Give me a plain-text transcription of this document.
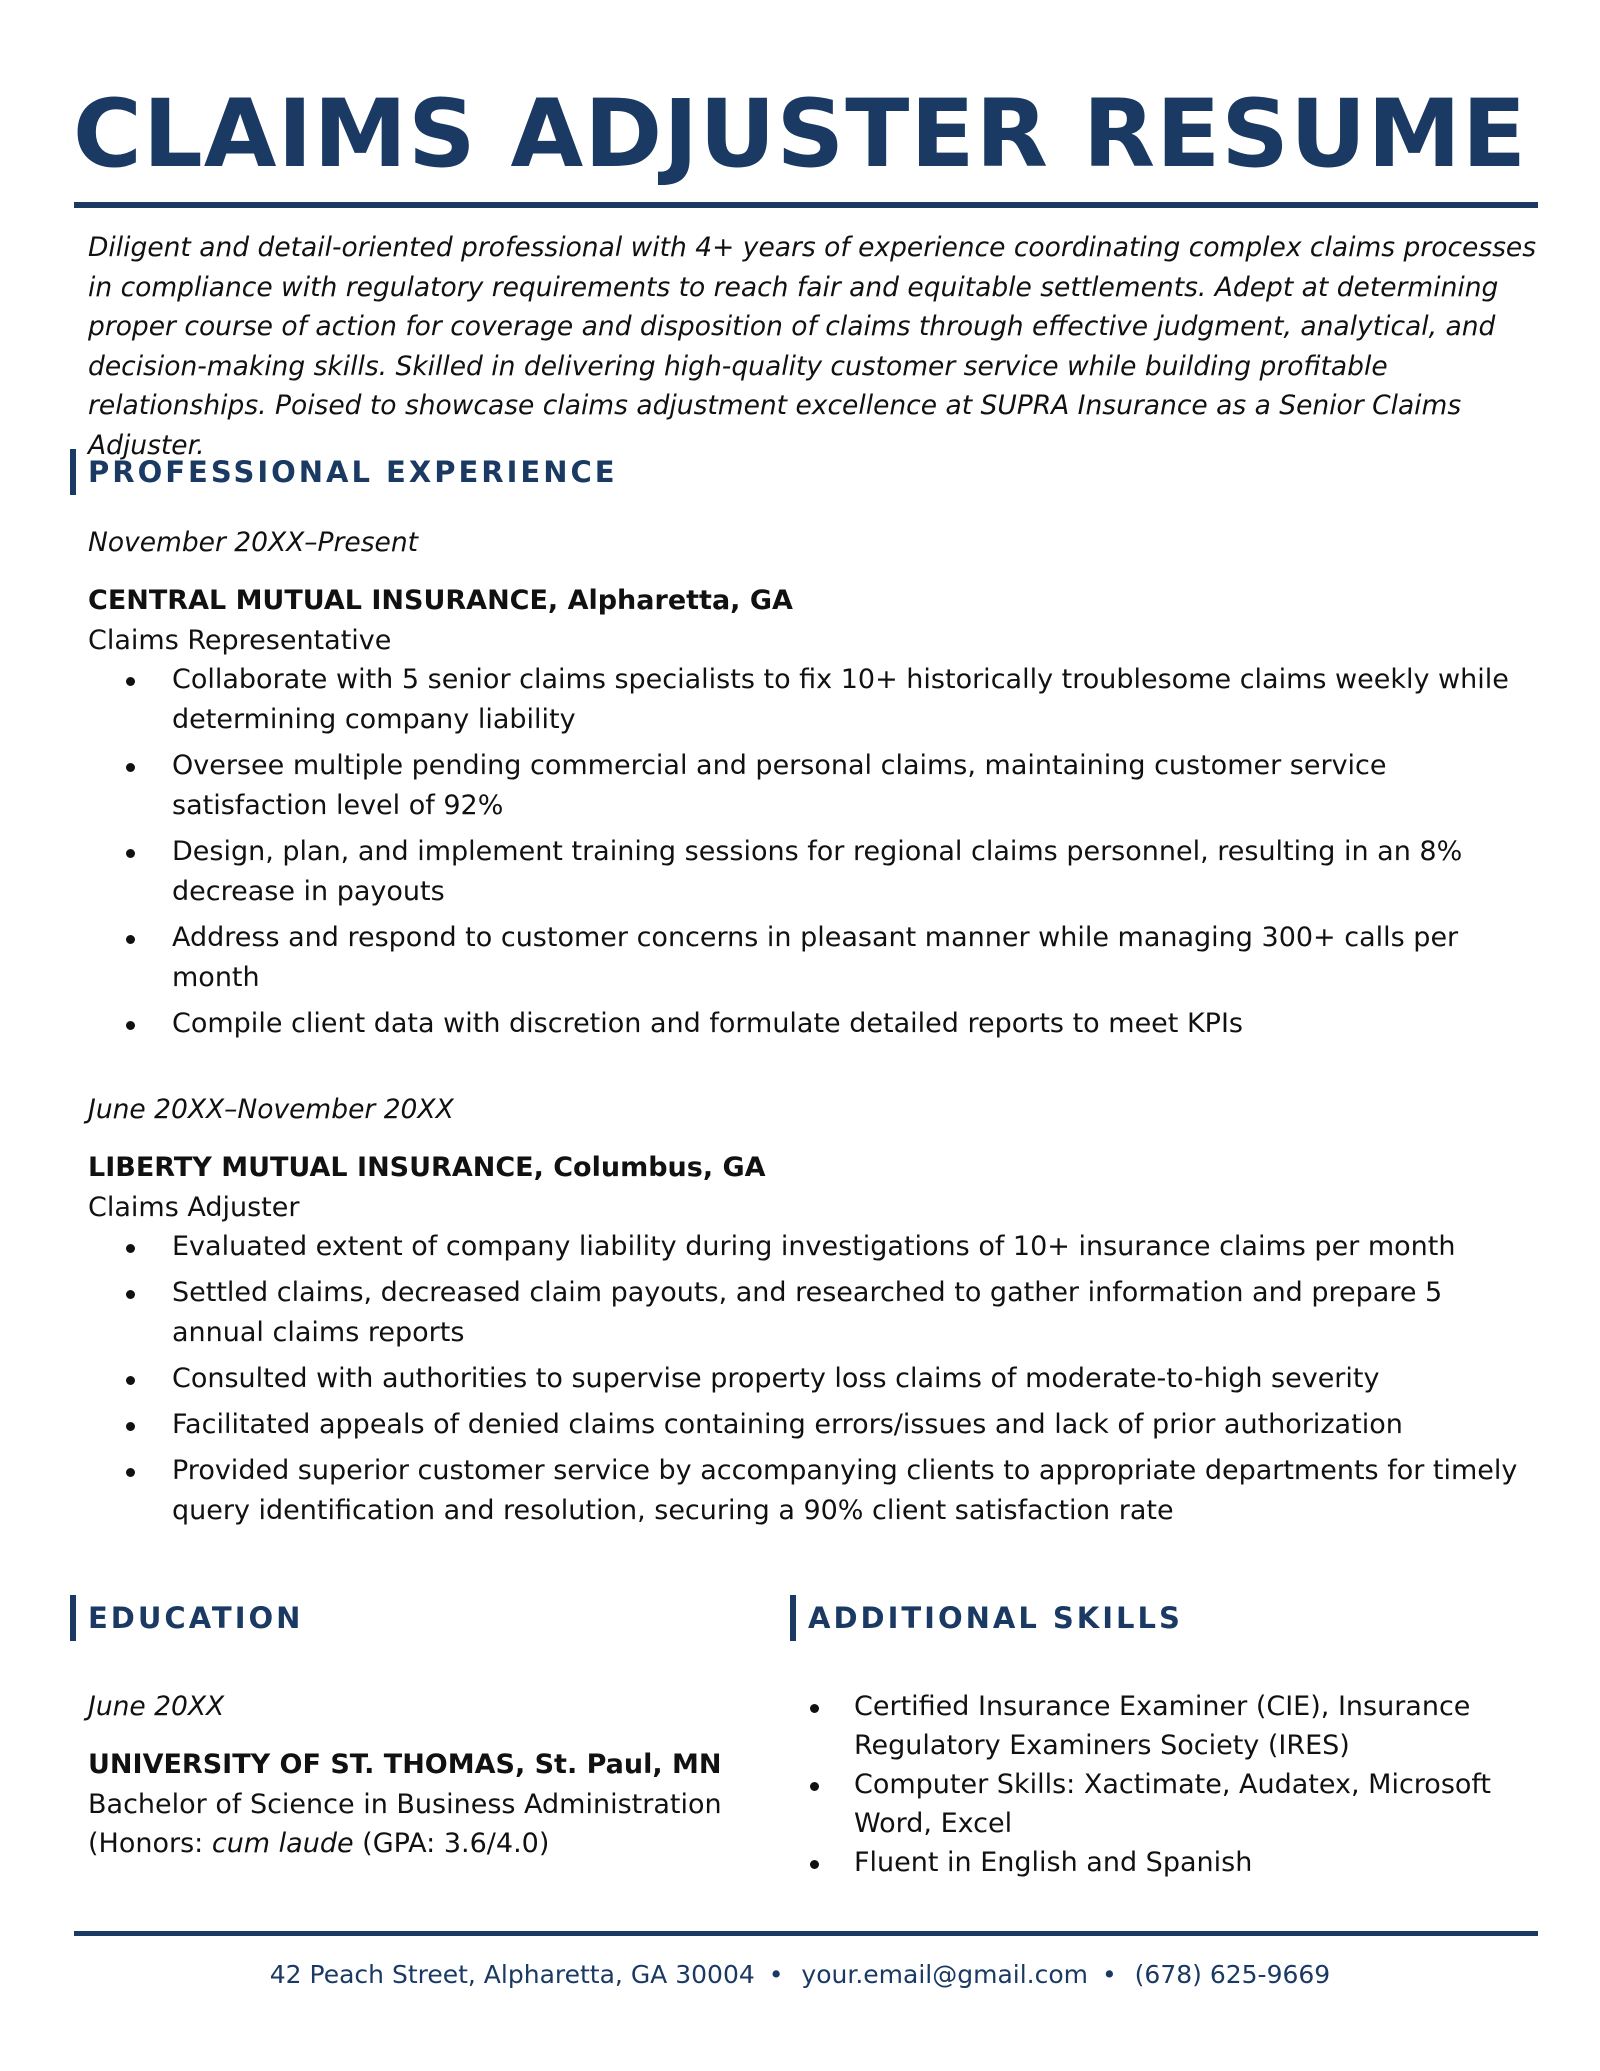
CLAIMS ADJUSTER RESUME

Diligent and detail-oriented professional with 4+ years of experience coordinating complex claims processes in compliance with regulatory requirements to reach fair and equitable settlements. Adept at determining proper course of action for coverage and disposition of claims through effective judgment, analytical, and decision-making skills. Skilled in delivering high-quality customer service while building profitable relationships. Poised to showcase claims adjustment excellence at SUPRA Insurance as a Senior Claims Adjuster.

PROFESSIONAL EXPERIENCE

November 20XX–Present

CENTRAL MUTUAL INSURANCE, Alpharetta, GA

Claims Representative

Collaborate with 5 senior claims specialists to fix 10+ historically troublesome claims weekly while determining company liability
Oversee multiple pending commercial and personal claims, maintaining customer service satisfaction level of 92%
Design, plan, and implement training sessions for regional claims personnel, resulting in an 8% decrease in payouts
Address and respond to customer concerns in pleasant manner while managing 300+ calls per month
Compile client data with discretion and formulate detailed reports to meet KPIs

June 20XX–November 20XX

LIBERTY MUTUAL INSURANCE, Columbus, GA

Claims Adjuster

Evaluated extent of company liability during investigations of 10+ insurance claims per month
Settled claims, decreased claim payouts, and researched to gather information and prepare 5 annual claims reports
Consulted with authorities to supervise property loss claims of moderate-to-high severity
Facilitated appeals of denied claims containing errors/issues and lack of prior authorization
Provided superior customer service by accompanying clients to appropriate departments for timely query identification and resolution, securing a 90% client satisfaction rate
EDUCATION

June 20XX

UNIVERSITY OF ST. THOMAS, St. Paul, MN

Bachelor of Science in Business Administration

(Honors: cum laude (GPA: 3.6/4.0)

ADDITIONAL SKILLS
Certified Insurance Examiner (CIE), Insurance Regulatory Examiners Society (IRES)
Computer Skills: Xactimate, Audatex, Microsoft Word, Excel
Fluent in English and Spanish
42 Peach Street, Alpharetta, GA 30004 • your.email@gmail.com • (678) 625-9669
